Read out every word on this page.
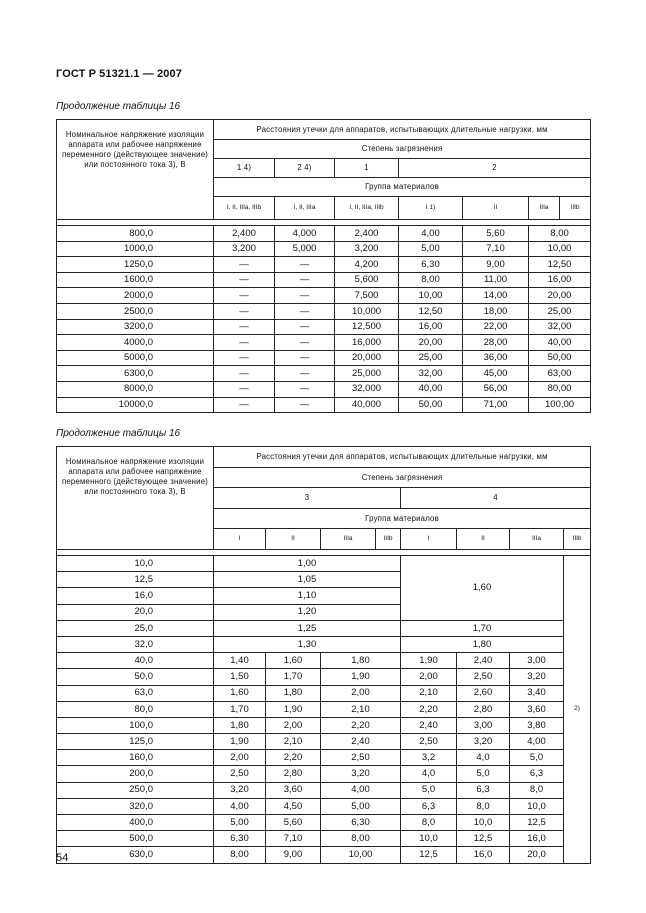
ГОСТ Р 51321.1 — 2007
Продолжение таблицы 16
Номинальное напряжение изоляции аппарата или рабочее напряжение переменного (действующее значение) или постоянного тока 3), В	Расстояния утечки для аппаратов, испытывающих длительные нагрузки, мм						
	Степень загрязнения						
	1 4)	2 4)	1	2			
	Группа материалов						
	I, II, IIIa, IIIb	I, II, IIIa	I, II, IIIa, IIIb	I 1)	II	IIIa	IIIb

800,0	2,400	4,000	2,400	4,00	5,60	8,00	
1000,0	3,200	5,000	3,200	5,00	7,10	10,00	
1250,0	—	—	4,200	6,30	9,00	12,50	
1600,0	—	—	5,600	8,00	11,00	16,00	
2000,0	—	—	7,500	10,00	14,00	20,00	
2500,0	—	—	10,000	12,50	18,00	25,00	
3200,0	—	—	12,500	16,00	22,00	32,00	
4000,0	—	—	16,000	20,00	28,00	40,00	
5000,0	—	—	20,000	25,00	36,00	50,00	
6300,0	—	—	25,000	32,00	45,00	63,00	
8000,0	—	—	32,000	40,00	56,00	80,00	
10000,0	—	—	40,000	50,00	71,00	100,00	
Продолжение таблицы 16
Номинальное напряжение изоляции аппарата или рабочее напряжение переменного (действующее значение) или постоянного тока 3), В	Расстояния утечки для аппаратов, испытывающих длительные нагрузки, мм							
	Степень загрязнения							
	3				4			
	Группа материалов							
	I	II	IIIa	IIIb	I	II	IIIa	IIIb

10,0	1,00				1,60			2)
12,5	1,05							
16,0	1,10							
20,0	1,20							
25,0	1,25				1,70			
32,0	1,30				1,80			
40,0	1,40	1,60	1,80		1,90	2,40	3,00	
50,0	1,50	1,70	1,90		2,00	2,50	3,20	
63,0	1,60	1,80	2,00		2,10	2,60	3,40	
80,0	1,70	1,90	2,10		2,20	2,80	3,60	
100,0	1,80	2,00	2,20		2,40	3,00	3,80	
125,0	1,90	2,10	2,40		2,50	3,20	4,00	
160,0	2,00	2,20	2,50		3,2	4,0	5,0	
200,0	2,50	2,80	3,20		4,0	5,0	6,3	
250,0	3,20	3,60	4,00		5,0	6,3	8,0	
320,0	4,00	4,50	5,00		6,3	8,0	10,0	
400,0	5,00	5,60	6,30		8,0	10,0	12,5	
500,0	6,30	7,10	8,00		10,0	12,5	16,0	
630,0	8,00	9,00	10,00		12,5	16,0	20,0	
54
